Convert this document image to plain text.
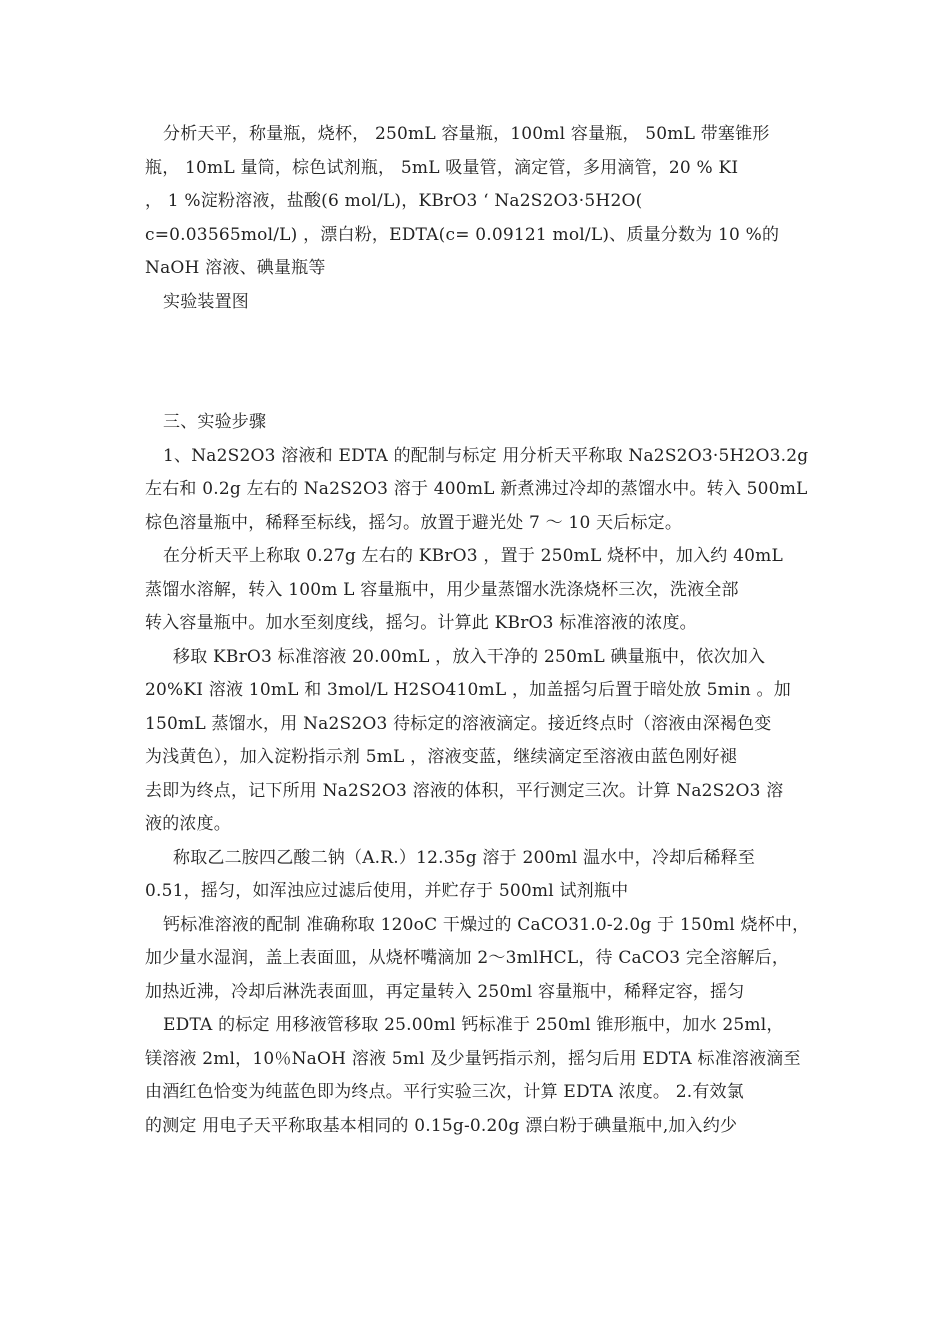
分析天平，称量瓶，烧杯， 250mL 容量瓶，100ml 容量瓶， 50mL 带塞锥形
瓶， 10mL 量筒，棕色试剂瓶， 5mL 吸量管，滴定管，多用滴管，20 % KI
， 1 %淀粉溶液，盐酸(6 mol/L)，KBrO3 ‘ Na2S2O3·5H2O(
c=0.03565mol/L) ，漂白粉，EDTA(c= 0.09121 mol/L)、质量分数为 10 %的
NaOH 溶液、碘量瓶等
实验装置图
三、实验步骤
1、Na2S2O3 溶液和 EDTA 的配制与标定 用分析天平称取 Na2S2O3·5H2O3.2g
左右和 0.2g 左右的 Na2S2O3 溶于 400mL 新煮沸过冷却的蒸馏水中。转入 500mL
棕色溶量瓶中，稀释至标线，摇匀。放置于避光处 7 ～ 10 天后标定。
在分析天平上称取 0.27g 左右的 KBrO3 ，置于 250mL 烧杯中，加入约 40mL
蒸馏水溶解，转入 100m L 容量瓶中，用少量蒸馏水洗涤烧杯三次，洗液全部
转入容量瓶中。加水至刻度线，摇匀。计算此 KBrO3 标准溶液的浓度。
移取 KBrO3 标准溶液 20.00mL ，放入干净的 250mL 碘量瓶中，依次加入
20%KI 溶液 10mL 和 3mol/L H2SO410mL ，加盖摇匀后置于暗处放 5min 。加
150mL 蒸馏水，用 Na2S2O3 待标定的溶液滴定。接近终点时（溶液由深褐色变
为浅黄色），加入淀粉指示剂 5mL ，溶液变蓝，继续滴定至溶液由蓝色刚好褪
去即为终点，记下所用 Na2S2O3 溶液的体积，平行测定三次。计算 Na2S2O3 溶
液的浓度。
称取乙二胺四乙酸二钠（A.R.）12.35g 溶于 200ml 温水中，冷却后稀释至
0.51，摇匀，如浑浊应过滤后使用，并贮存于 500ml 试剂瓶中
钙标准溶液的配制 准确称取 120oC 干燥过的 CaCO31.0-2.0g 于 150ml 烧杯中，
加少量水湿润，盖上表面皿，从烧杯嘴滴加 2～3mlHCL，待 CaCO3 完全溶解后，
加热近沸，冷却后淋洗表面皿，再定量转入 250ml 容量瓶中，稀释定容，摇匀
EDTA 的标定 用移液管移取 25.00ml 钙标准于 250ml 锥形瓶中，加水 25ml，
镁溶液 2ml，10％NaOH 溶液 5ml 及少量钙指示剂，摇匀后用 EDTA 标准溶液滴至
由酒红色恰变为纯蓝色即为终点。平行实验三次，计算 EDTA 浓度。 2.有效氯
的测定 用电子天平称取基本相同的 0.15g-0.20g 漂白粉于碘量瓶中,加入约少
